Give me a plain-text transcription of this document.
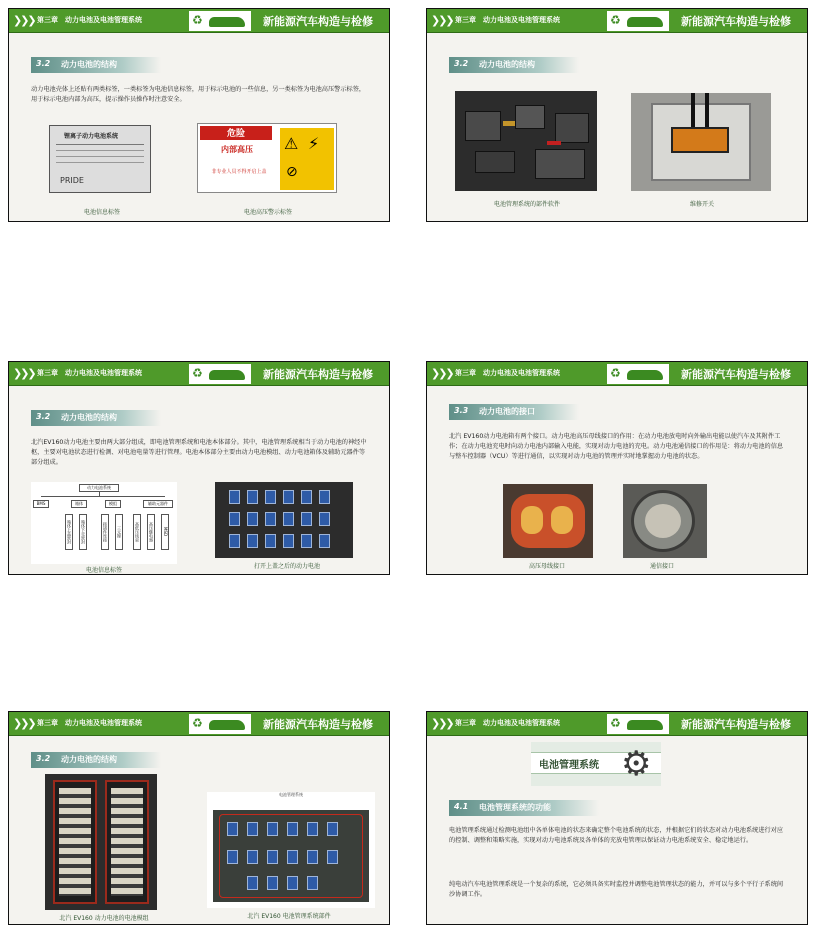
❯❯❯ 第三章　动力电池及电池管理系统	♻	新能源汽车构造与检修
3.2 动力电池的结构
动力电池壳体上还贴有两类标签，一类标签为电池信息标签，用于标示电池的一些信息，另一类标签为电池高压警示标签，用于标示电池内部为高压，提示操作员操作时注意安全。
锂离子动力电池系统
PRIDE
危险
内部高压
非专业人员不得开启上盖
⚠ ⚡
⊘
电池信息标签	电池高压警示标签
❯❯❯ 第三章　动力电池及电池管理系统	♻	新能源汽车构造与检修
3.2 动力电池的结构
电池管理系统的部件软件	维修开关
❯❯❯ 第三章　动力电池及电池管理系统	♻	新能源汽车构造与检修
3.2 动力电池的结构
北汽EV160动力电池主要由两大部分组成，即电池管理系统和电池本体部分。其中，电池管理系统相当于动力电池的神经中枢，主要对电池状态进行检测、对电池电量等进行管理。电池本体部分主要由动力电池模组、动力电池箱体及辅助元器件等部分组成。
动力电池系统
BMS	箱体	模组	辅助元器件
箱体上盖密封	箱体下壳密封	接插件连接	三元锂	高低压线束	高压继电器	MSD
电池信息标签
打开上盖之后的动力电池
❯❯❯ 第三章　动力电池及电池管理系统	♻	新能源汽车构造与检修
3.3 动力电池的接口
北汽 EV160动力电池箱有两个接口。动力电池高压母线接口的作用：在动力电池放电时向外输出电能以使汽车及其附件工作；在动力电池充电时向动力电池内部输入电能，实现对动力电池的充电。动力电池通信接口的作用是：将动力电池的信息与整车控制器（VCU）等进行通信，以实现对动力电池的管理并实时地掌握动力电池的状态。
高压母线接口	通信接口
❯❯❯ 第三章　动力电池及电池管理系统	♻	新能源汽车构造与检修
3.2 动力电池的结构
电池管理系统
北汽 EV160 动力电池的电池模组	北汽 EV160 电池管理系统部件
❯❯❯ 第三章　动力电池及电池管理系统	♻	新能源汽车构造与检修
电池管理系统 ⚙
4.1 电池管理系统的功能
电池管理系统通过检测电池组中各单体电池的状态来确定整个电池系统的状态，并根据它们的状态对动力电池系统进行对应的控制、调整和策略实施，实现对动力电池系统及各单体的充放电管理以保证动力电池系统安全、稳定地运行。
纯电动汽车电池管理系统是一个复杂的系统，它必须具备实时监控并调整电池管理状态的能力，并可以与多个平行子系统间沙协调工作。
